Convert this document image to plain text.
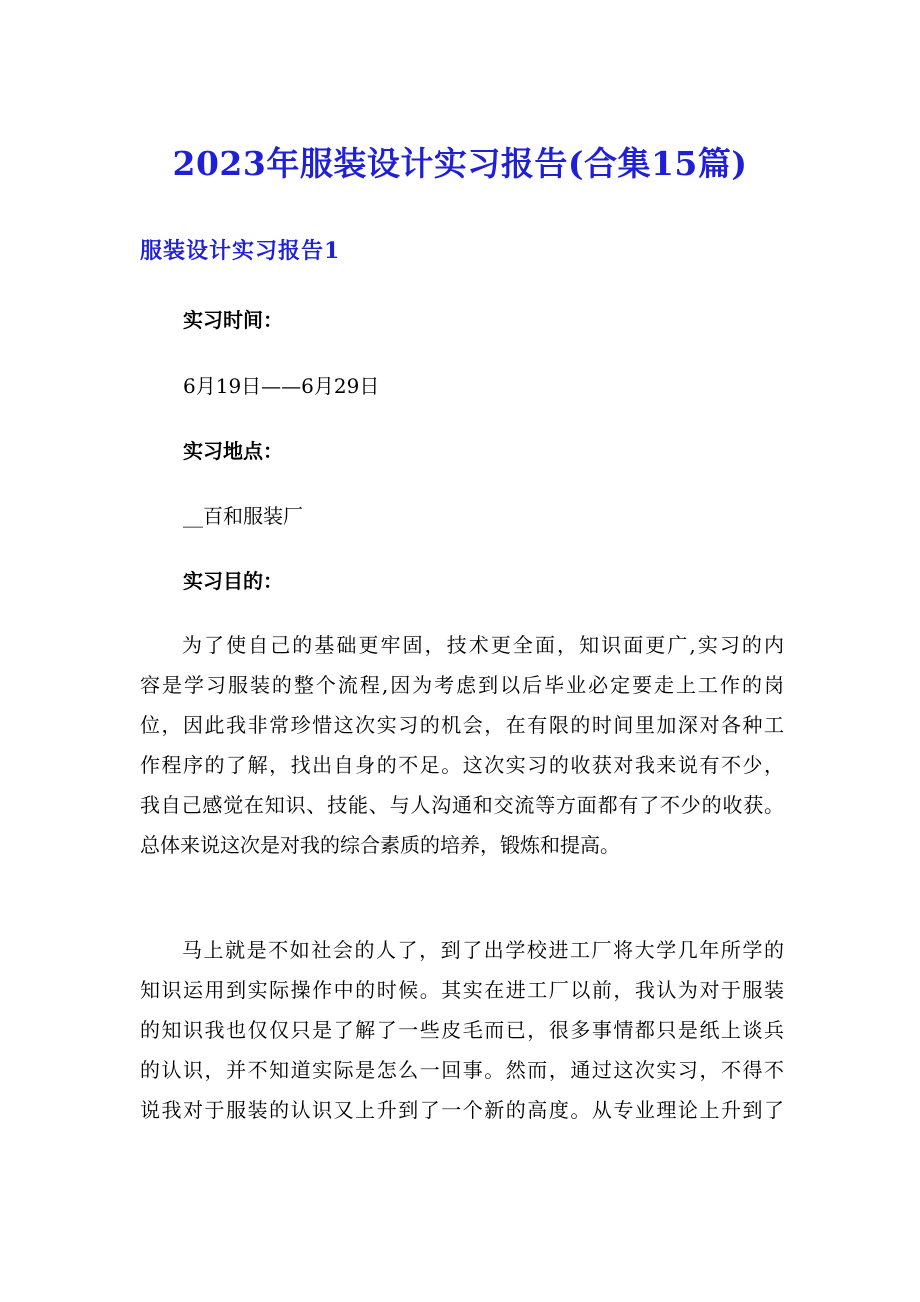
2023年服装设计实习报告(合集15篇)
服装设计实习报告1
实习时间：
6月19日——6月29日
实习地点：
__百和服装厂
实习目的：
为了使自己的基础更牢固，技术更全面，知识面更广,实习的内
容是学习服装的整个流程,因为考虑到以后毕业必定要走上工作的岗
位，因此我非常珍惜这次实习的机会，在有限的时间里加深对各种工
作程序的了解，找出自身的不足。这次实习的收获对我来说有不少，
我自己感觉在知识、技能、与人沟通和交流等方面都有了不少的收获。
总体来说这次是对我的综合素质的培养，锻炼和提高。
马上就是不如社会的人了，到了出学校进工厂将大学几年所学的
知识运用到实际操作中的时候。其实在进工厂以前，我认为对于服装
的知识我也仅仅只是了解了一些皮毛而已，很多事情都只是纸上谈兵
的认识，并不知道实际是怎么一回事。然而，通过这次实习，不得不
说我对于服装的认识又上升到了一个新的高度。从专业理论上升到了
